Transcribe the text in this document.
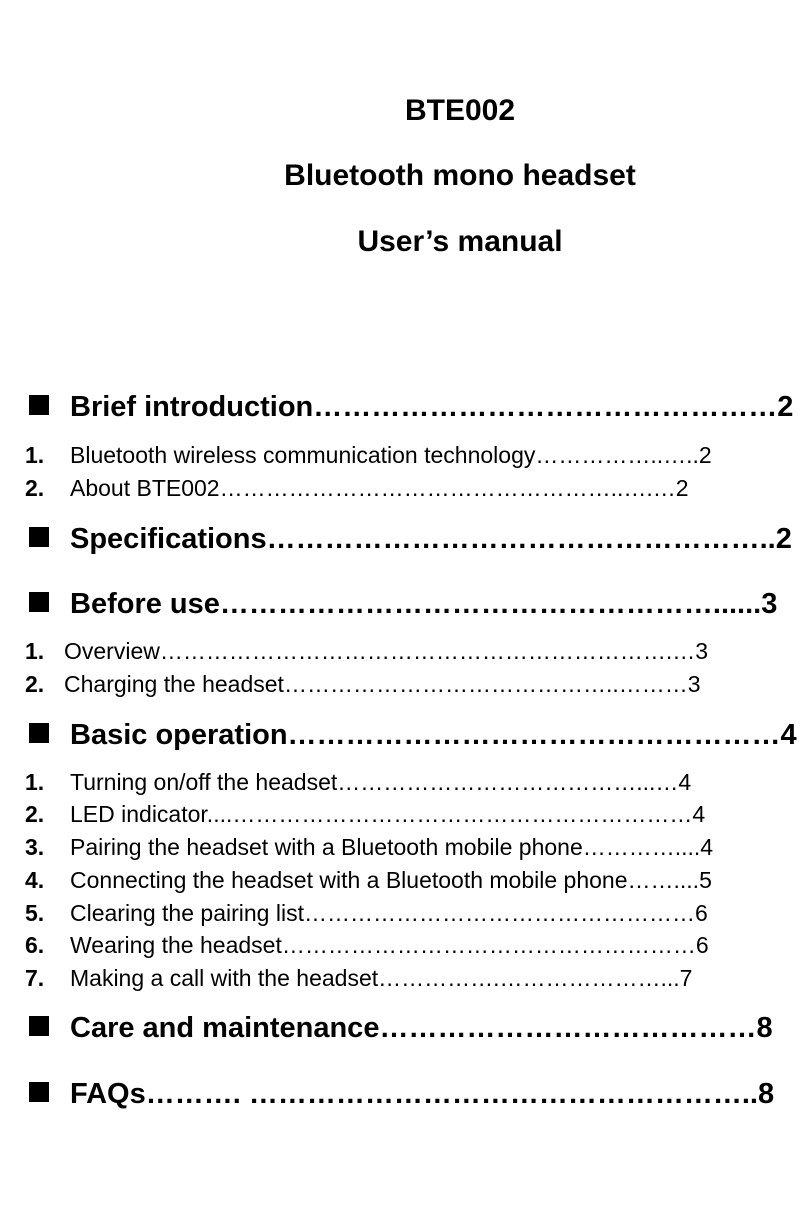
BTE002
Bluetooth mono headset
User’s manual
Brief introduction…………………………………………2
1. Bluetooth wireless communication technology……………..…..2
2. About BTE002……………………………………………..….…2
Specifications……………………………………………..2
Before use……………………………………………......3
1. Overview………………………………………………………….…3
2. Charging the headset……………………………………..………3
Basic operation……………………………………………4
1. Turning on/off the headset…………………………………...…4
2. LED indicator....……………………………………………………4
3. Pairing the headset with a Bluetooth mobile phone…………....4
4. Connecting the headset with a Bluetooth mobile phone……....5
5. Clearing the pairing list……………………………………………6
6. Wearing the headset………………………………………………6
7. Making a call with the headset…………….…………………...7
Care and maintenance…………………………………8
FAQs………. ……………………………………………..8
